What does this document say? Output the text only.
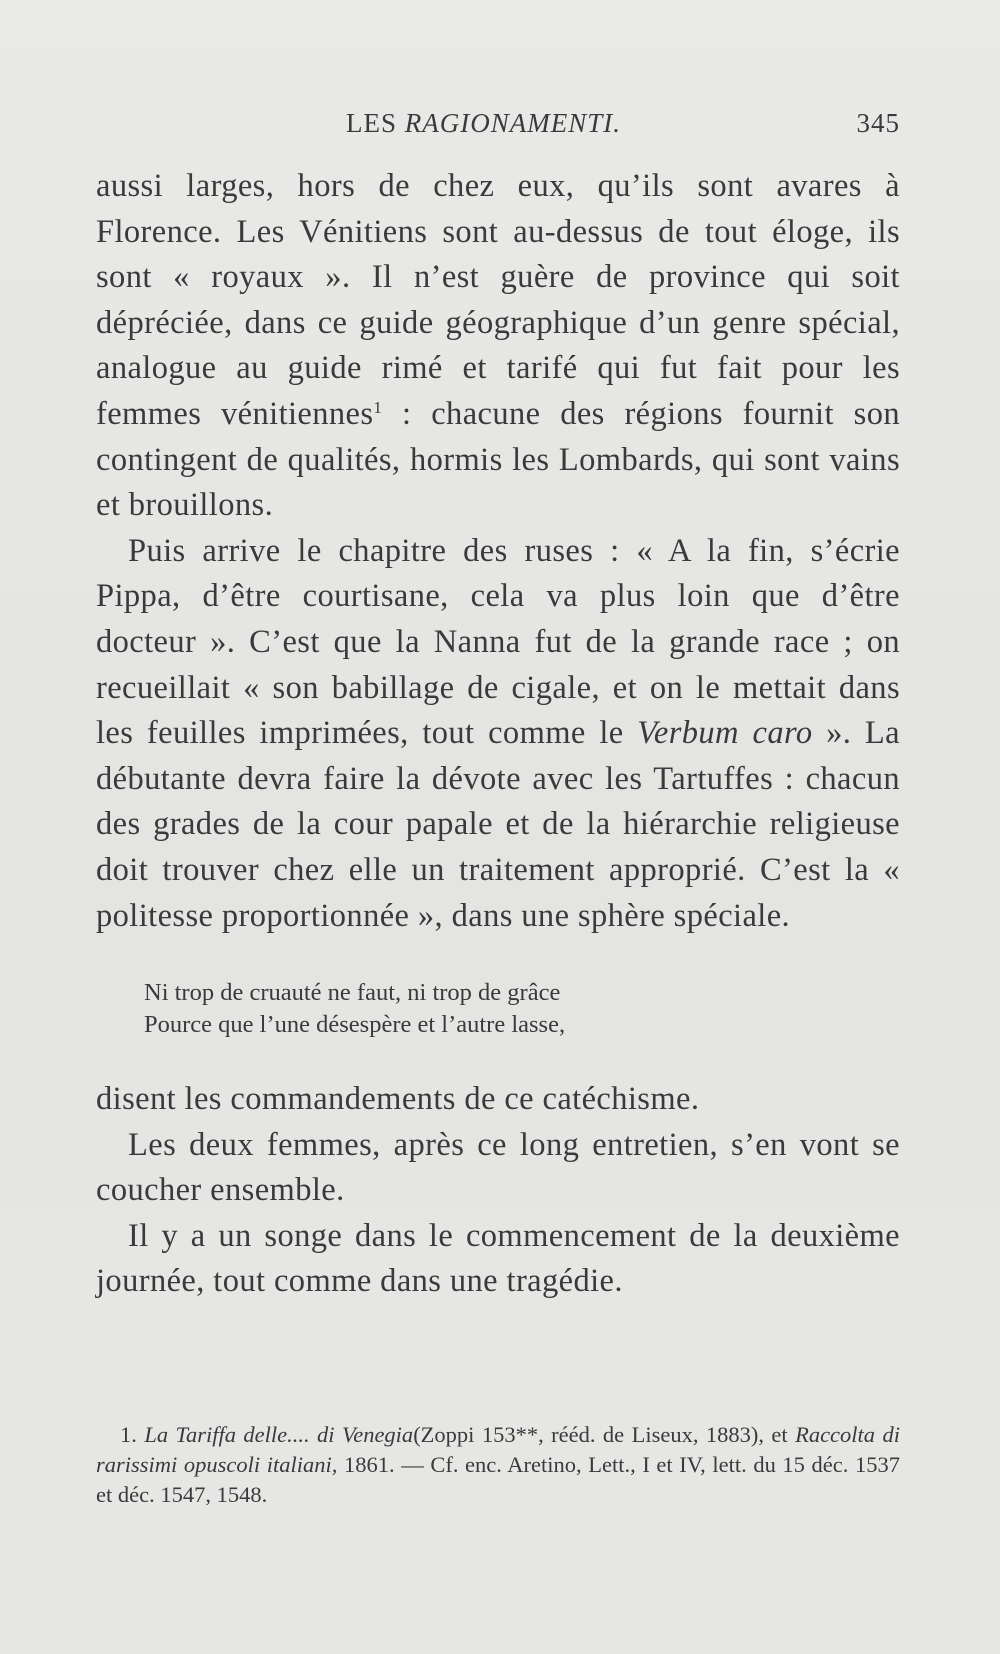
LES RAGIONAMENTI.	345

aussi larges, hors de chez eux, qu’ils sont avares à Florence. Les Vénitiens sont au-dessus de tout éloge, ils sont « royaux ». Il n’est guère de province qui soit dépréciée, dans ce guide géographique d’un genre spécial, analogue au guide rimé et tarifé qui fut fait pour les femmes vénitiennes$^1$ : chacune des régions fournit son contingent de qualités, hormis les Lombards, qui sont vains et brouillons.

Puis arrive le chapitre des ruses : « A la fin, s’écrie Pippa, d’être courtisane, cela va plus loin que d’être docteur ». C’est que la Nanna fut de la grande race ; on recueillait « son babillage de cigale, et on le mettait dans les feuilles imprimées, tout comme le Verbum caro ». La débutante devra faire la dévote avec les Tartuffes : chacun des grades de la cour papale et de la hiérarchie religieuse doit trouver chez elle un traitement approprié. C’est la « politesse proportionnée », dans une sphère spéciale.

Ni trop de cruauté ne faut, ni trop de grâce
Pource que l’une désespère et l’autre lasse,

disent les commandements de ce catéchisme.

Les deux femmes, après ce long entretien, s’en vont se coucher ensemble.

Il y a un songe dans le commencement de la deuxième journée, tout comme dans une tragédie.

1. La Tariffa delle.... di Venegia(Zoppi 153**, rééd. de Liseux, 1883), et Raccolta di rarissimi opuscoli italiani, 1861. — Cf. enc. Aretino, Lett., I et IV, lett. du 15 déc. 1537 et déc. 1547, 1548.
